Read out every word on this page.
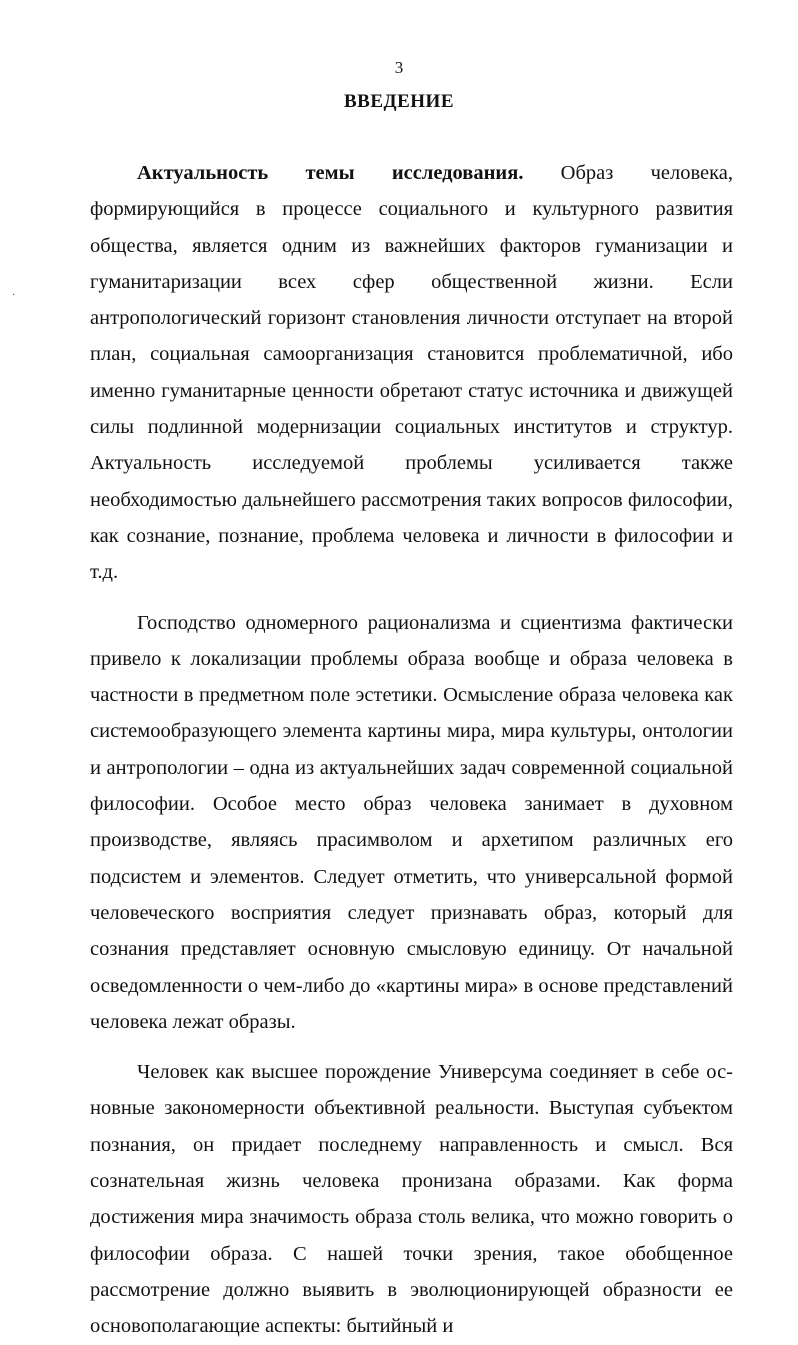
·
3
ВВЕДЕНИЕ

Актуальность темы исследования. Образ человека, формирующийся в процессе социального и культурного развития общества, является одним из важнейших факторов гуманизации и гуманитаризации всех сфер общественной жизни. Если антропологический горизонт становления личности отступает на второй план, социальная самоорганизация становится проблематичной, ибо именно гуманитарные ценности обретают статус источника и движущей силы подлинной модернизации социальных институтов и структур. Актуальность исследуемой проблемы усиливается также необходимостью дальнейшего рассмотрения таких вопросов философии, как сознание, познание, проблема человека и личности в философии и т.д.

Господство одномерного рационализма и сциентизма фактически привело к локализации проблемы образа вообще и образа человека в частности в предметном поле эстетики. Осмысление образа человека как системообразующего элемента картины мира, мира культуры, онтологии и антропологии – одна из актуальнейших задач современной социальной философии. Особое место образ человека занимает в духовном производстве, являясь прасимволом и архетипом различных его подсистем и элементов. Следует отметить, что универсальной формой человеческого восприятия следует признавать образ, который для сознания представляет основную смысловую единицу. От начальной осведомленности о чем-либо до «картины мира» в основе представлений человека лежат образы.

Человек как высшее порождение Универсума соединяет в себе основные закономерности объективной реальности. Выступая субъектом познания, он придает последнему направленность и смысл. Вся сознательная жизнь человека пронизана образами. Как форма достижения мира значимость образа столь велика, что можно говорить о философии образа. С нашей точки зрения, такое обобщенное рассмотрение должно выявить в эволюционирующей образности ее основополагающие аспекты: бытийный и
